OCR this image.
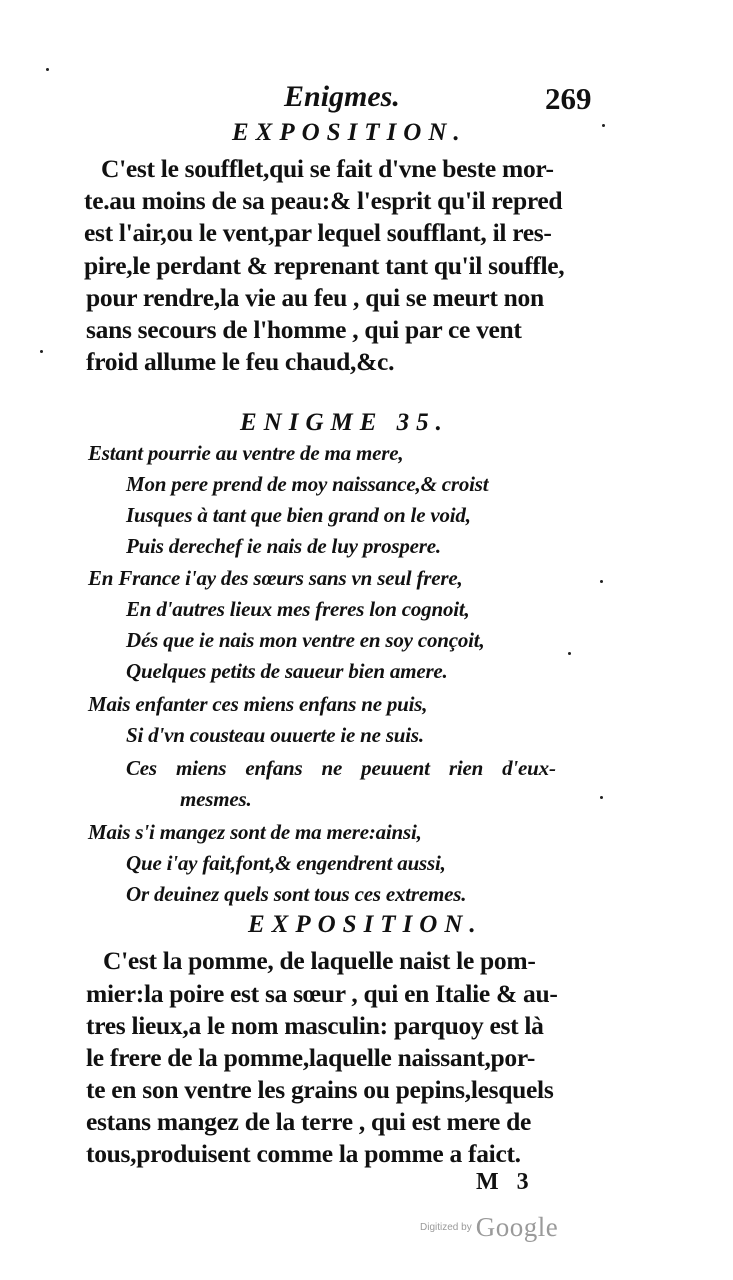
Enigmes.	269
EXPOSITION.
C'est le soufflet,qui se fait d'vne beste mor-
te.au moins de sa peau:& l'esprit qu'il repred
est l'air,ou le vent,par lequel soufflant, il res-
pire,le perdant & reprenant tant qu'il souffle,
pour rendre,la vie au feu , qui se meurt non
sans secours de l'homme , qui par ce vent
froid allume le feu chaud,&c.
ENIGME 35.
Estant pourrie au ventre de ma mere,
Mon pere prend de moy naissance,& croist
Iusques à tant que bien grand on le void,
Puis derechef ie nais de luy prospere.
En France i'ay des sœurs sans vn seul frere,
En d'autres lieux mes freres lon cognoit,
Dés que ie nais mon ventre en soy conçoit,
Quelques petits de saueur bien amere.
Mais enfanter ces miens enfans ne puis,
Si d'vn cousteau ouuerte ie ne suis.
Ces miens enfans ne peuuent rien d'eux-
mesmes.
Mais s'i mangez sont de ma mere:ainsi,
Que i'ay fait,font,& engendrent aussi,
Or deuinez quels sont tous ces extremes.
EXPOSITION.
C'est la pomme, de laquelle naist le pom-
mier:la poire est sa sœur , qui en Italie & au-
tres lieux,a le nom masculin: parquoy est là
le frere de la pomme,laquelle naissant,por-
te en son ventre les grains ou pepins,lesquels
estans mangez de la terre , qui est mere de
tous,produisent comme la pomme a faict.
M 3
Digitized by Google
